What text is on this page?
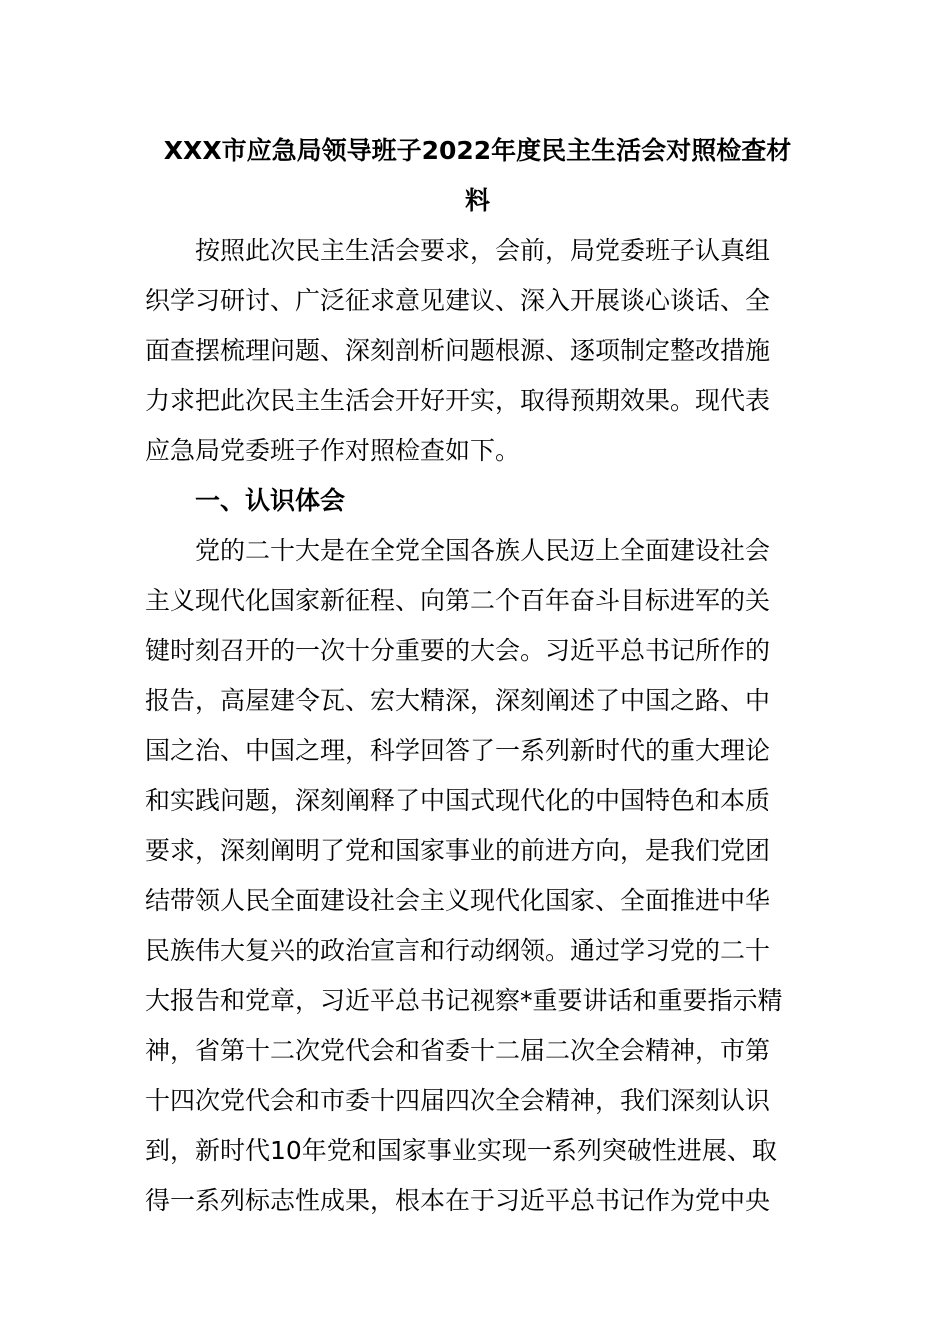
XXX市应急局领导班子2022年度民主生活会对照检查材
料

按照此次民主生活会要求，会前，局党委班子认真组

织学习研讨、广泛征求意见建议、深入开展谈心谈话、全

面查摆梳理问题、深刻剖析问题根源、逐项制定整改措施

力求把此次民主生活会开好开实，取得预期效果。现代表

应急局党委班子作对照检查如下。

一、认识体会

党的二十大是在全党全国各族人民迈上全面建设社会

主义现代化国家新征程、向第二个百年奋斗目标进军的关

键时刻召开的一次十分重要的大会。习近平总书记所作的

报告，高屋建令瓦、宏大精深，深刻阐述了中国之路、中

国之治、中国之理，科学回答了一系列新时代的重大理论

和实践问题，深刻阐释了中国式现代化的中国特色和本质

要求，深刻阐明了党和国家事业的前进方向，是我们党团

结带领人民全面建设社会主义现代化国家、全面推进中华

民族伟大复兴的政治宣言和行动纲领。通过学习党的二十

大报告和党章，习近平总书记视察*重要讲话和重要指示精

神，省第十二次党代会和省委十二届二次全会精神，市第

十四次党代会和市委十四届四次全会精神，我们深刻认识

到，新时代10年党和国家事业实现一系列突破性进展、取

得一系列标志性成果，根本在于习近平总书记作为党中央
